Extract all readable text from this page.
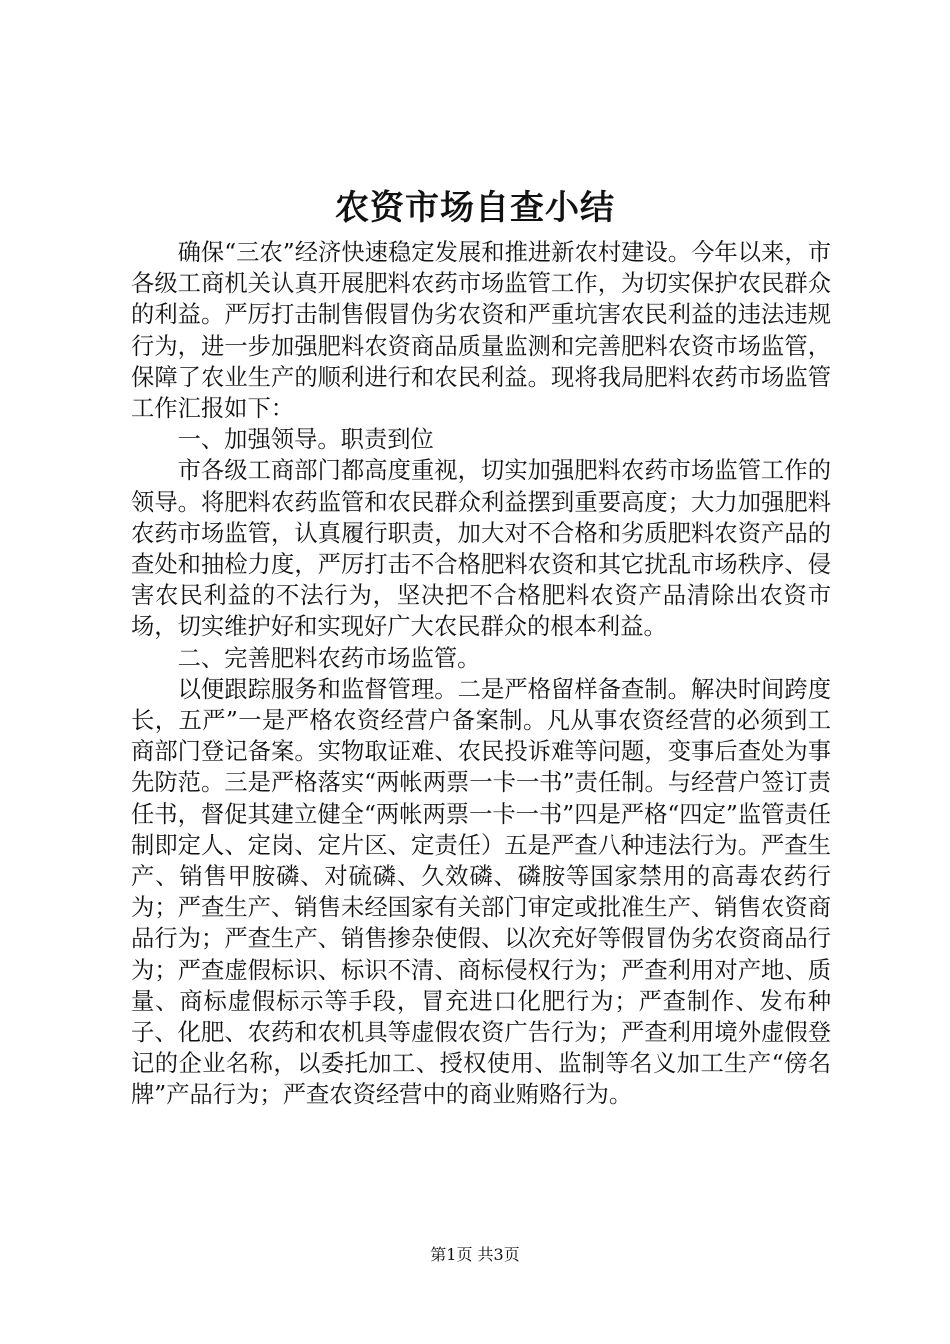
农资市场自查小结

确保“三农”经济快速稳定发展和推进新农村建设。今年以来，市各级工商机关认真开展肥料农药市场监管工作，为切实保护农民群众的利益。严厉打击制售假冒伪劣农资和严重坑害农民利益的违法违规行为，进一步加强肥料农资商品质量监测和完善肥料农资市场监管，保障了农业生产的顺利进行和农民利益。现将我局肥料农药市场监管工作汇报如下：

一、加强领导。职责到位

市各级工商部门都高度重视，切实加强肥料农药市场监管工作的领导。将肥料农药监管和农民群众利益摆到重要高度；大力加强肥料农药市场监管，认真履行职责，加大对不合格和劣质肥料农资产品的查处和抽检力度，严厉打击不合格肥料农资和其它扰乱市场秩序、侵害农民利益的不法行为，坚决把不合格肥料农资产品清除出农资市场，切实维护好和实现好广大农民群众的根本利益。

二、完善肥料农药市场监管。

以便跟踪服务和监督管理。二是严格留样备查制。解决时间跨度长，五严”一是严格农资经营户备案制。凡从事农资经营的必须到工商部门登记备案。实物取证难、农民投诉难等问题，变事后查处为事先防范。三是严格落实“两帐两票一卡一书”责任制。与经营户签订责任书，督促其建立健全“两帐两票一卡一书”四是严格“四定”监管责任制即定人、定岗、定片区、定责任）五是严查八种违法行为。严查生产、销售甲胺磷、对硫磷、久效磷、磷胺等国家禁用的高毒农药行为；严查生产、销售未经国家有关部门审定或批准生产、销售农资商品行为；严查生产、销售掺杂使假、以次充好等假冒伪劣农资商品行为；严查虚假标识、标识不清、商标侵权行为；严查利用对产地、质量、商标虚假标示等手段，冒充进口化肥行为；严查制作、发布种子、化肥、农药和农机具等虚假农资广告行为；严查利用境外虚假登记的企业名称，以委托加工、授权使用、监制等名义加工生产“傍名牌”产品行为；严查农资经营中的商业贿赂行为。

第1页 共3页
